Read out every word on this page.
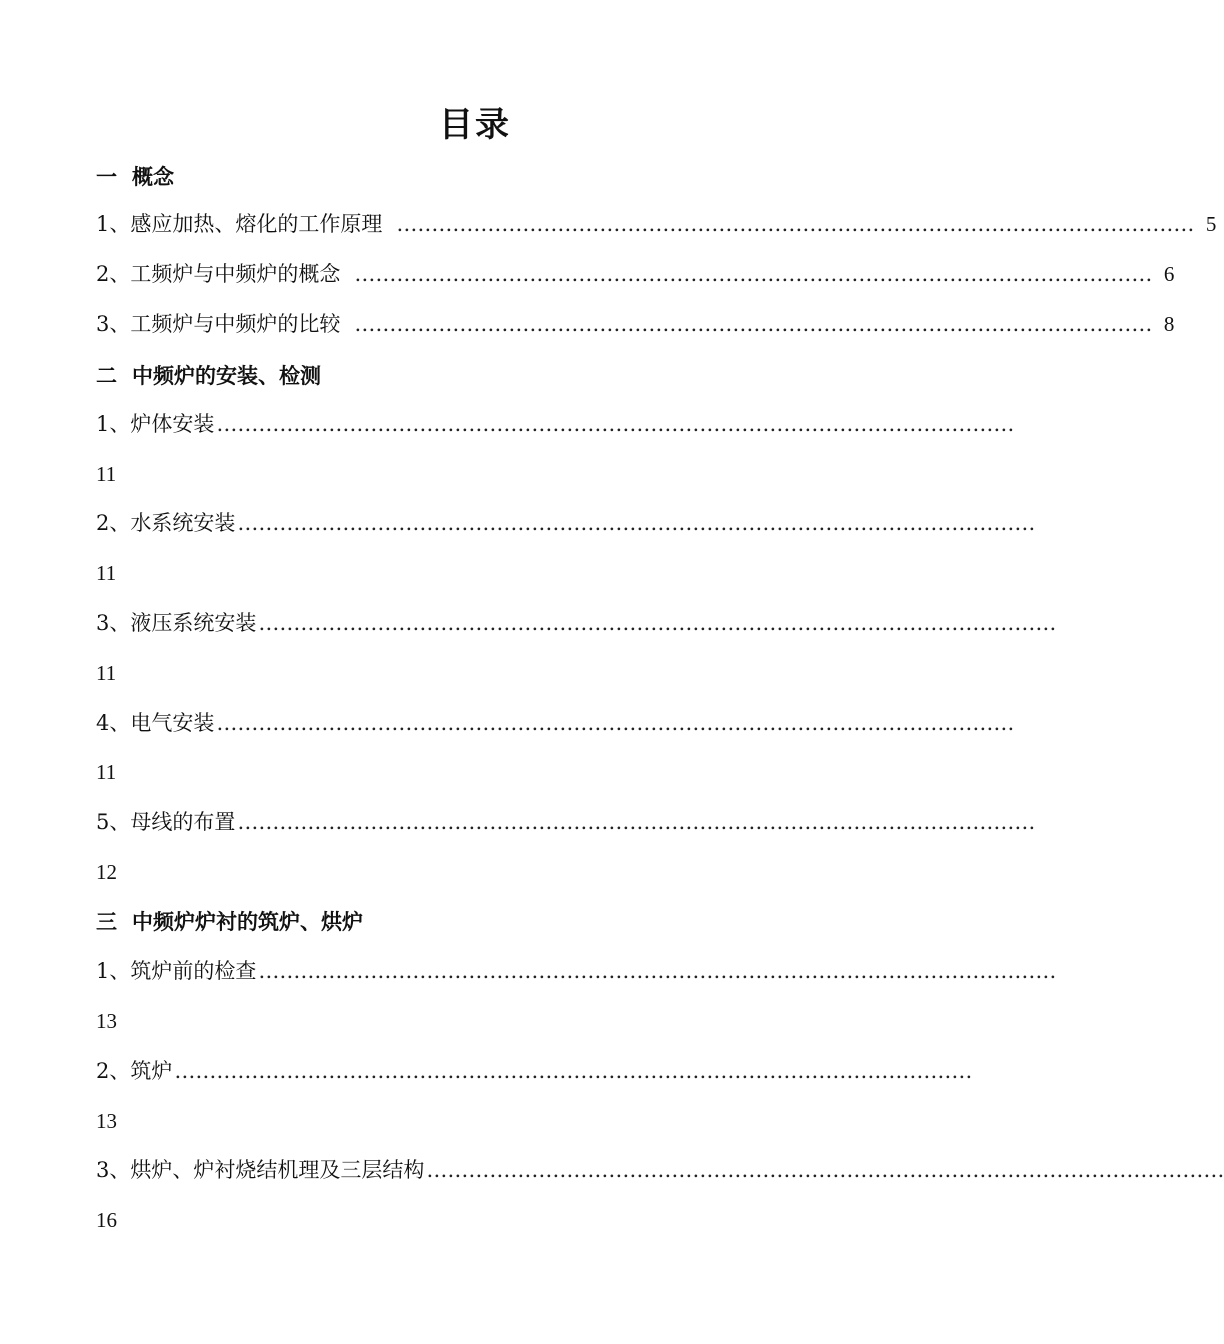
目录
一 概念
1、感应加热、熔化的工作原理 …………………………………………………………………………………………………… 5
2、工频炉与中频炉的概念 …………………………………………………………………………………………………… 6
3、工频炉与中频炉的比较 …………………………………………………………………………………………………… 8
二 中频炉的安装、检测
1、炉体安装 ……………………………………………………………………………………………………
11
2、水系统安装 ……………………………………………………………………………………………………
11
3、液压系统安装 ……………………………………………………………………………………………………
11
4、电气安装 ……………………………………………………………………………………………………
11
5、母线的布置 ……………………………………………………………………………………………………
12
三 中频炉炉衬的筑炉、烘炉
1、筑炉前的检查 ……………………………………………………………………………………………………
13
2、筑炉 ……………………………………………………………………………………………………
13
3、烘炉、炉衬烧结机理及三层结构 ……………………………………………………………………………………………………
16
